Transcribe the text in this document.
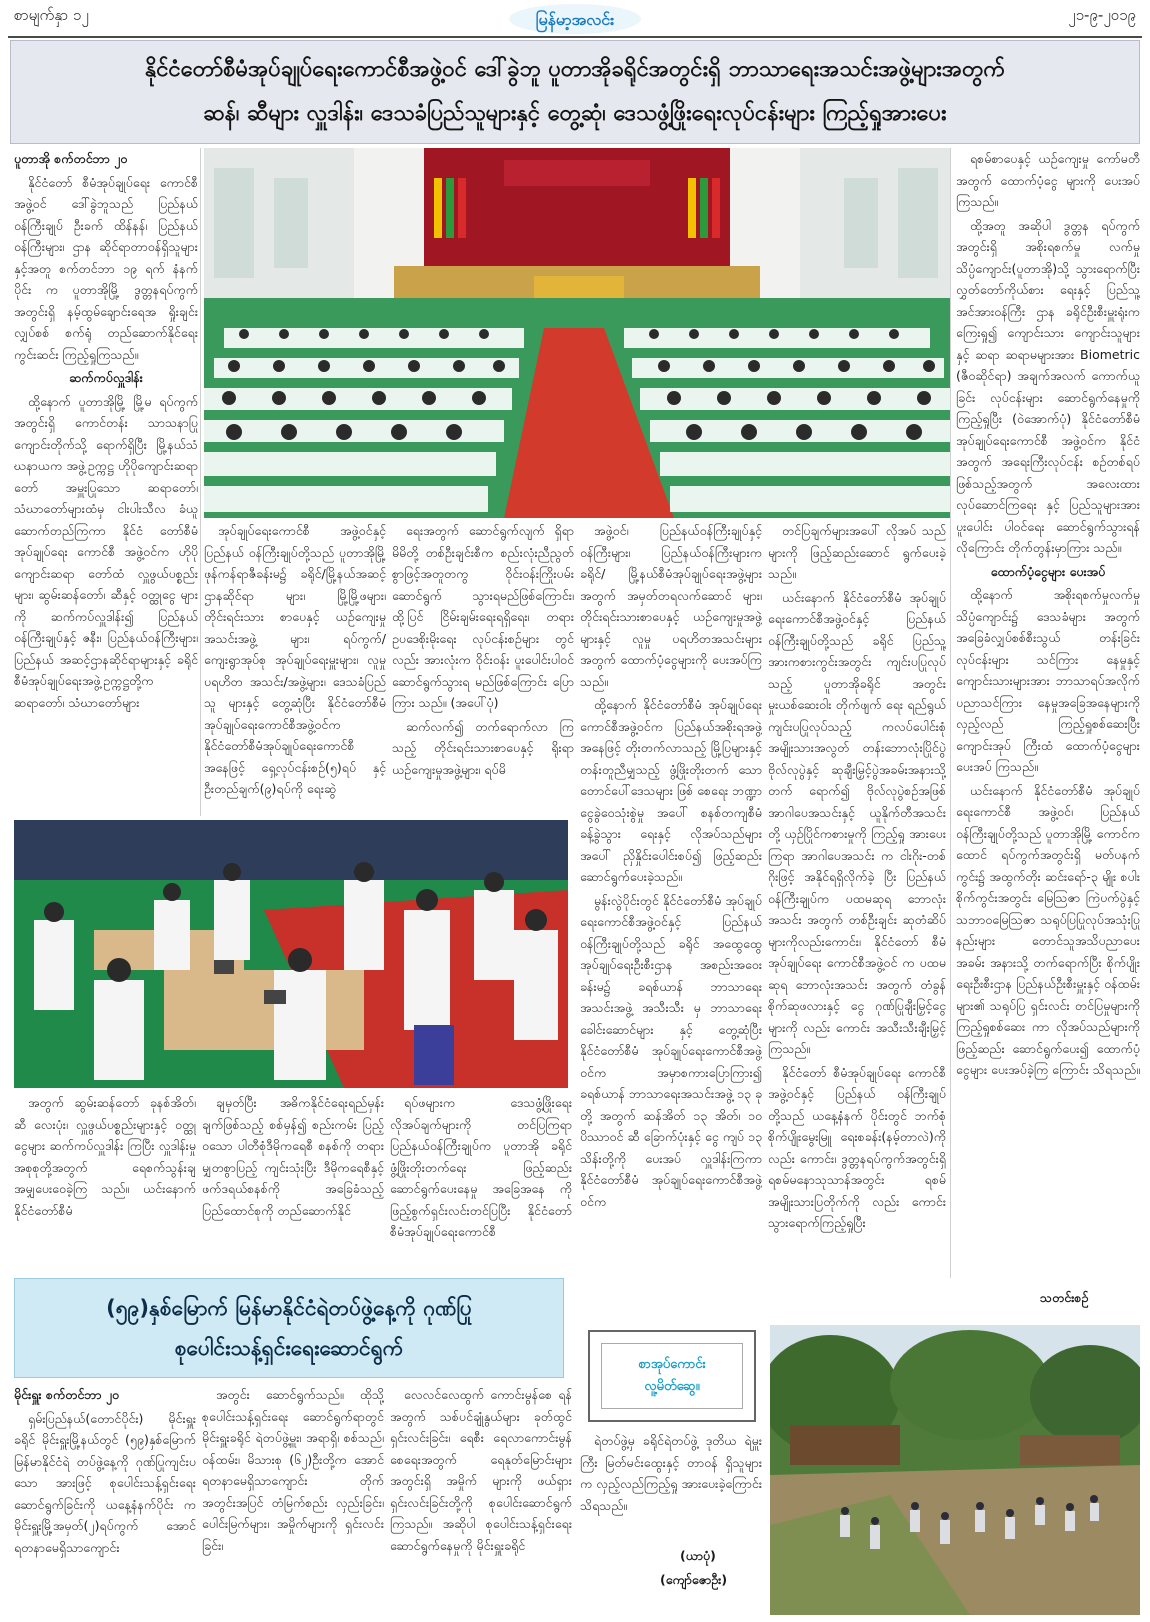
စာမျက်နှာ ၁၂	မြန်မာ့အလင်း	၂၁-၉-၂၀၁၉
နိုင်ငံတော်စီမံအုပ်ချုပ်ရေးကောင်စီအဖွဲ့ဝင် ဒေါ်ခွဲဘူ ပူတာအိုခရိုင်အတွင်းရှိ ဘာသာရေးအသင်းအဖွဲ့များအတွက်
ဆန်၊ ဆီများ လှူဒါန်း၊ ဒေသခံပြည်သူများနှင့် တွေ့ဆုံ၊ ဒေသဖွံ့ဖြိုးရေးလုပ်ငန်းများ ကြည့်ရှုအားပေး

ပူတာအို စက်တင်ဘာ ၂၀

နိုင်ငံတော် စီမံအုပ်ချုပ်ရေး ကောင်စီအဖွဲ့ဝင် ဒေါ်ခွဲဘူသည် ပြည်နယ်ဝန်ကြီးချုပ် ဦးခက် ထိန်နန်၊ ပြည်နယ်ဝန်ကြီးများ၊ ဌာန ဆိုင်ရာတာဝန်ရှိသူများနှင့်အတူ စက်တင်ဘာ ၁၉ ရက် နံနက်ပိုင်း က ပူတာအိုမြို့ ဒွတ္တနရပ်ကွက် အတွင်းရှိ နမ့်ထွမ်ချောင်းရေအ ရှိုးချင်းလျှပ်စစ် စက်ရုံ တည်ဆောက်နိုင်ရေး ကွင်းဆင်း ကြည့်ရှုကြသည်။

ဆက်ကပ်လှူဒါန်း

ထို့နောက် ပူတာအိုမြို့ မြို့မ ရပ်ကွက်အတွင်းရှိ ကောင်တန်း သာသနာပြု ကျောင်းတိုက်သို့ ရောက်ရှိပြီး မြို့နယ်သံဃနာယက အဖွဲ့ဥက္ကဋ္ဌ ဟိုပိုကျောင်းဆရာ တော် အမှူးပြုသော ဆရာတော်၊ သံဃာတော်များထံမှ ငါးပါးသီလ ခံယူဆောက်တည်ကြကာ နိုင်ငံ တော်စီမံအုပ်ချုပ်ရေး ကောင်စီ အဖွဲ့ဝင်က ဟိုပိုကျောင်းဆရာ တော်ထံ လှူဖွယ်ပစ္စည်းများ၊ ဆွမ်းဆန်တော်၊ ဆီနှင့် ဝတ္ထုငွေ များကို ဆက်ကပ်လှူဒါန်း၍ ပြည်နယ်ဝန်ကြီးချုပ်နှင့် ဇနီး၊ ပြည်နယ်ဝန်ကြီးများ၊ ပြည်နယ် အဆင့်ဌာနဆိုင်ရာများနှင့် ခရိုင် စီမံအုပ်ချုပ်ရေးအဖွဲ့ဥက္ကဋ္ဌတို့က ဆရာတော်၊ သံဃာတော်များ

အုပ်ချုပ်ရေးကောင်စီ အဖွဲ့ဝင်နှင့် ပြည်နယ် ဝန်ကြီးချုပ်တို့သည် ပူတာအိုမြို့ ဖုန်ကန်ရာဇီခန်းမ၌ ခရိုင်/မြို့နယ်အဆင့် ဌာနဆိုင်ရာ များ၊ မြို့မြို့ဖများ၊ တိုင်းရင်းသား စာပေနှင့် ယဉ်ကျေးမှုအသင်းအဖွဲ့ များ၊ ရပ်ကွက်/ ကျေးရွာအုပ်စု အုပ်ချုပ်ရေးမှူးများ၊ လူမှုပရဟိတ အသင်း/အဖွဲ့များ၊ ဒေသခံပြည်သူ များနှင့် တွေ့ဆုံပြီး နိုင်ငံတော်စီမံ အုပ်ချုပ်ရေးကောင်စီအဖွဲ့ဝင်က နိုင်ငံတော်စီမံအုပ်ချုပ်ရေးကောင်စီ အနေဖြင့် ရှေ့လုပ်ငန်းစဉ်(၅)ရပ် နှင့် ဦးတည်ချက်(၉)ရပ်ကို ရေးဆွဲ

ရေးအတွက် ဆောင်ရွက်လျက် ရှိရာ မိမိတို့ တစ်ဦးချင်းစီက စည်းလုံးညီညွတ်စွာဖြင့်အတူတကွ ဝိုင်းဝန်းကြိုးပမ်း ဆောင်ရွက် သွားရမည်ဖြစ်ကြောင်း၊ ထို့ပြင် ငြိမ်းချမ်းရေးရရှိရေး၊ တရား ဥပဒေစိုးမိုးရေး လုပ်ငန်းစဉ်များ တွင်လည်း အားလုံးက ဝိုင်းဝန်း ပူးပေါင်းပါဝင် ဆောင်ရွက်သွားရ မည်ဖြစ်ကြောင်း ပြောကြား သည်။ (အပေါ်ပုံ)

ဆက်လက်၍ တက်ရောက်လာ ကြသည့် တိုင်းရင်းသားစာပေနှင့် ရိုးရာယဉ်ကျေးမှုအဖွဲ့များ၊ ရပ်မိ

အဖွဲ့ဝင်၊ ပြည်နယ်ဝန်ကြီးချုပ်နှင့် ဝန်ကြီးများ၊ ပြည်နယ်ဝန်ကြီးများက ခရိုင်/ မြို့နယ်စီမံအုပ်ချုပ်ရေးအဖွဲ့များ အတွက် အမှတ်တရလက်ဆောင် များ၊ တိုင်းရင်းသားစာပေနှင့် ယဉ်ကျေးမှုအဖွဲ့များနှင့် လူမှု ပရဟိတအသင်းများ အတွက် ထောက်ပံ့ငွေများကို ပေးအပ်ကြ သည်။

ထို့နောက် နိုင်ငံတော်စီမံ အုပ်ချုပ်ရေးကောင်စီအဖွဲ့ဝင်က ပြည်နယ်အစိုးရအဖွဲ့ အနေဖြင့် တိုးတက်လာသည့် မြို့ပြများနှင့် တန်းတူညီမျှသည့် ဖွံ့ဖြိုးတိုးတက် သော တောင်ပေါ်ဒေသများ ဖြစ် စေရေး ဘဏ္ဍာငွေခွဲဝေသုံးစွဲမှု အပေါ် စနစ်တကျစီမံခန့်ခွဲသွား ရေးနှင့် လိုအပ်သည်များအပေါ် ညှိနှိုင်းပေါင်းစပ်၍ ဖြည့်ဆည်း ဆောင်ရွက်ပေးခဲ့သည်။

မွန်းလွဲပိုင်းတွင် နိုင်ငံတော်စီမံ အုပ်ချုပ်ရေးကောင်စီအဖွဲ့ဝင်နှင့် ပြည်နယ်ဝန်ကြီးချုပ်တို့သည် ခရိုင် အထွေထွေအုပ်ချုပ်ရေးဦးစီးဌာန အစည်းအဝေးခန်းမ၌ ခရစ်ယာန် ဘာသာရေးအသင်းအဖွဲ့ အသီးသီး မှ ဘာသာရေးခေါင်းဆောင်များ နှင့် တွေ့ဆုံပြီး နိုင်ငံတော်စီမံ အုပ်ချုပ်ရေးကောင်စီအဖွဲ့ဝင်က အမှာစကားပြောကြား၍ ခရစ်ယာန် ဘာသာရေးအသင်းအဖွဲ့ ၁၃ ခုတို့ အတွက် ဆန်အိတ် ၁၃ အိတ်၊ ၁၀ ပိဿာဝင် ဆီ ခြောက်ပုံးနှင့် ငွေ ကျပ် ၁၃ သိန်းတို့ကို ပေးအပ် လှူဒါန်းကြကာ နိုင်ငံတော်စီမံ အုပ်ချုပ်ရေးကောင်စီအဖွဲ့ဝင်က

တင်ပြချက်များအပေါ် လိုအပ် သည်များကို ဖြည့်ဆည်းဆောင် ရွက်ပေးခဲ့သည်။

ယင်းနောက် နိုင်ငံတော်စီမံ အုပ်ချုပ်ရေးကောင်စီအဖွဲ့ဝင်နှင့် ပြည်နယ်ဝန်ကြီးချုပ်တို့သည် ခရိုင် ပြည်သူ့အားကစားကွင်းအတွင်း ကျင်းပပြုလုပ်သည့် ပူတာအိုခရိုင် အတွင်း မှုးယစ်ဆေးဝါး တိုက်ဖျက် ရေး ရည်ရွယ်ကျင်းပပြုလုပ်သည့် ကလပ်ပေါင်းစုံ အမျိုးသားအလွတ် တန်းဘောလုံးပြိုင်ပွဲ ဗိုလ်လုပွဲနှင့် ဆုချီးမြှင့်ပွဲအခမ်းအနားသို့ တက် ရောက်၍ ဗိုလ်လုပွဲစဉ်အဖြစ် အာဂါပေအသင်းနှင့် ယူနိုက်တီအသင်း တို့ ယှဉ်ပြိုင်ကစားမှုကို ကြည့်ရှု အားပေးကြရာ အာဂါပေအသင်း က ငါးဂိုး-တစ်ဂိုးဖြင့် အနိုင်ရရှိလိုက်ခဲ့ ပြီး ပြည်နယ်ဝန်ကြီးချုပ်က ပထမဆုရ ဘောလုံးအသင်း အတွက် တစ်ဦးချင်း ဆုတံဆိပ် များကိုလည်းကောင်း၊ နိုင်ငံတော် စီမံအုပ်ချုပ်ရေး ကောင်စီအဖွဲ့ဝင် က ပထမဆုရ ဘောလုံးအသင်း အတွက် တံခွန်စိုက်ဆုဖလားနှင့် ငွေ ဂုဏ်ပြုချီးမြှင့်ငွေများကို လည်း ကောင်း အသီးသီးချီးမြှင့်ကြသည်။

နိုင်ငံတော် စီမံအုပ်ချုပ်ရေး ကောင်စီအဖွဲ့ဝင်နှင့် ပြည်နယ် ဝန်ကြီးချုပ်တို့သည် ယနေ့နံနက် ပိုင်းတွင် ဘက်စုံစိုက်ပျိုးမွေးမြူ ရေးစခန်း(နမ့်တာလဲ)ကို လည်း ကောင်း၊ ဒွတ္တနရပ်ကွက်အတွင်းရှိ ရစမ်မနောသုသာန်အတွင်း ရစမ် အမျိုးသားပြတိုက်ကို လည်း ကောင်း သွားရောက်ကြည့်ရှုပြီး

ရစမ်စာပေနှင့် ယဉ်ကျေးမှု ကော်မတီအတွက် ထောက်ပံ့ငွေ များကို ပေးအပ်ကြသည်။

ထို့အတူ အဆိုပါ ဒွတ္တန ရပ်ကွက်အတွင်းရှိ အစိုးရစက်မှု လက်မှုသိပ္ပံကျောင်း(ပူတာအို)သို့ သွားရောက်ပြီး လွှတ်တော်ကိုယ်စား ရေးနှင့် ပြည်သူ့အင်အားဝန်ကြီး ဌာန ခရိုင်ဦးစီးမှူးရုံးက ကြေးရှု၍ ကျောင်းသား ကျောင်းသူများနှင့် ဆရာ ဆရာမများအား Biometric (ဇီဝဆိုင်ရာ) အချက်အလက် ကောက်ယူခြင်း လုပ်ငန်းများ ဆောင်ရွက်နေမှုကို ကြည့်ရှုပြီး (ဝဲအောက်ပုံ) နိုင်ငံတော်စီမံ အုပ်ချုပ်ရေးကောင်စီ အဖွဲ့ဝင်က နိုင်ငံအတွက် အရေးကြီးလုပ်ငန်း စဉ်တစ်ရပ် ဖြစ်သည့်အတွက် အလေးထား လုပ်ဆောင်ကြရေး နှင့် ပြည်သူများအား ပူးပေါင်း ပါဝင်ရေး ဆောင်ရွက်သွားရန် လိုကြောင်း တိုက်တွန်းမှာကြား သည်။

ထောက်ပံ့ငွေများ ပေးအပ်

ထို့နောက် အစိုးရစက်မှုလက်မှု သိပ္ပံကျောင်း၌ ဒေသခံများ အတွက် အခြေခံလျှပ်စစ်စီးသွယ် တန်းခြင်းလုပ်ငန်းများ သင်ကြား နေမှုနှင့် ကျောင်းသားများအား ဘာသာရပ်အလိုက်ပညာသင်ကြား နေမှုအခြေအနေများကိုလှည့်လည် ကြည့်ရှုစစ်ဆေးပြီး ကျောင်းအုပ် ကြီးထံ ထောက်ပံ့ငွေများ ပေးအပ် ကြသည်။

ယင်းနောက် နိုင်ငံတော်စီမံ အုပ်ချုပ်ရေးကောင်စီ အဖွဲ့ဝင်၊ ပြည်နယ် ဝန်ကြီးချုပ်တို့သည် ပူတာအိုမြို့ ကောင်ကထောင် ရပ်ကွက်အတွင်းရှိ မတ်ပနက်ကွင်း၌ အထွက်တိုး ဆင်းရော်-၃ မျိုး စပါး စိုက်ကွင်းအတွင်း မြေဩဇာ ကြဲပက်ပွဲနှင့် သဘာဝမြေဩဇာ သရုပ်ပြပြုလုပ်အသုံးပြုနည်းများ တောင်သူအသိပညာပေး အခမ်း အနားသို့ တက်ရောက်ပြီး စိုက်ပျိုး ရေးဦးစီးဌာန ပြည်နယ်ဦးစီးမှူးနှင့် ဝန်ထမ်းများ၏ သရုပ်ပြ ရှင်းလင်း တင်ပြမှုများကို ကြည့်ရှုစစ်ဆေး ကာ လိုအပ်သည်များကို ဖြည့်ဆည်း ဆောင်ရွက်ပေး၍ ထောက်ပံ့ငွေများ ပေးအပ်ခဲ့ကြ ကြောင်း သိရသည်။

သတင်းစဉ်

အတွက် ဆွမ်းဆန်တော် ခုနစ်အိတ်၊ ဆီ လေးပုံး၊ လှူဖွယ်ပစ္စည်းများနှင့် ဝတ္ထုငွေများ ဆက်ကပ်လှူဒါန်း ကြပြီး လှူဒါန်းမှုအစုစုတို့အတွက် ရေစက်သွန်းချ အမျှပေးဝေခဲ့ကြ သည်။ ယင်းနောက် နိုင်ငံတော်စီမံ

ချမှတ်ပြီး အဓိကနိုင်ငံရေးရည်မှန်း ချက်ဖြစ်သည့် စစ်မှန်၍ စည်းကမ်း ပြည့်ဝသော ပါတီစုံဒီမိုကရေစီ စနစ်ကို တရားမျှတစွာပြည့် ကျင်းသုံးပြီး ဒီမိုကရေစီနှင့် ဖက်ဒရယ်စနစ်ကို အခြေခံသည့် ပြည်ထောင်စုကို တည်ဆောက်နိုင်

ရပ်ဖများက ဒေသဖွံ့ဖြိုးရေး လိုအပ်ချက်များကို တင်ပြကြရာ ပြည်နယ်ဝန်ကြီးချုပ်က ပူတာအို ခရိုင်ဖွံ့ဖြိုးတိုးတက်ရေး ဖြည့်ဆည်း ဆောင်ရွက်ပေးနေမှု အခြေအနေ ကို ဖြည့်စွက်ရှင်းလင်းတင်ပြပြီး နိုင်ငံတော်စီမံအုပ်ချုပ်ရေးကောင်စီ

(၅၉)နှစ်မြောက် မြန်မာနိုင်ငံရဲတပ်ဖွဲ့နေ့ကို ဂုဏ်ပြု
စုပေါင်းသန့်ရှင်းရေးဆောင်ရွက်

မိုင်းရှူး စက်တင်ဘာ ၂၀

ရှမ်းပြည်နယ်(တောင်ပိုင်း) မိုင်းရှူးခရိုင် မိုင်းရှူးမြို့နယ်တွင် (၅၉)နှစ်မြောက် မြန်မာနိုင်ငံရဲ တပ်ဖွဲ့နေ့ကို ဂုဏ်ပြုကျင်းပသော အားဖြင့် စုပေါင်းသန့်ရှင်းရေး ဆောင်ရွက်ခြင်းကို ယနေ့နံနက်ပိုင်း က မိုင်းရှူးမြို့အမှတ်(၂)ရပ်ကွက် အောင်ရတနာမေရှိသာကျောင်း

အတွင်း ဆောင်ရွက်သည်။ ထိုသို့ စုပေါင်းသန့်ရှင်းရေး ဆောင်ရွက်ရာတွင် မိုင်းရှူးခရိုင် ရဲတပ်ဖွဲ့မှူး၊ အရာရှိ၊ စစ်သည်၊ ဝန်ထမ်း၊ မိသားစု (၆၂)ဦးတို့က အောင် ရတနာမေရှိသာကျောင်း တိုက်အတွင်းအပြင် တံမြက်စည်း လှည်းခြင်း၊ ပေါင်းမြက်များ၊ အမှိုက်များကို ရှင်းလင်းခြင်း၊

လေလင်လေထွက် ကောင်းမွန်စေ ရန်အတွက် သစ်ပင်ချုံနွယ်များ ခုတ်ထွင်ရှင်းလင်းခြင်း၊ ရေစီး ရေလာကောင်းမွန်စေရေးအတွက် ရေနုတ်မြောင်းများအတွင်းရှိ အမှိုက် များကို ဖယ်ရှားရှင်းလင်းခြင်းတို့ကို စုပေါင်းဆောင်ရွက်ကြသည်။ အဆိုပါ စုပေါင်းသန့်ရှင်းရေး ဆောင်ရွက်နေမှုကို မိုင်းရှူးခရိုင်

ရဲတပ်ဖွဲ့မှ ခရိုင်ရဲတပ်ဖွဲ့ ဒုတိယ ရဲမှူးကြီး မြတ်မင်းထွေးနှင့် တာဝန် ရှိသူများက လှည့်လည်ကြည့်ရှု အားပေးခဲ့ကြောင်း သိရသည်။

(ယာပုံ)
(ကျော်ဇောဦး)
စာအုပ်ကောင်း
လူ့မိတ်ဆွေ။
